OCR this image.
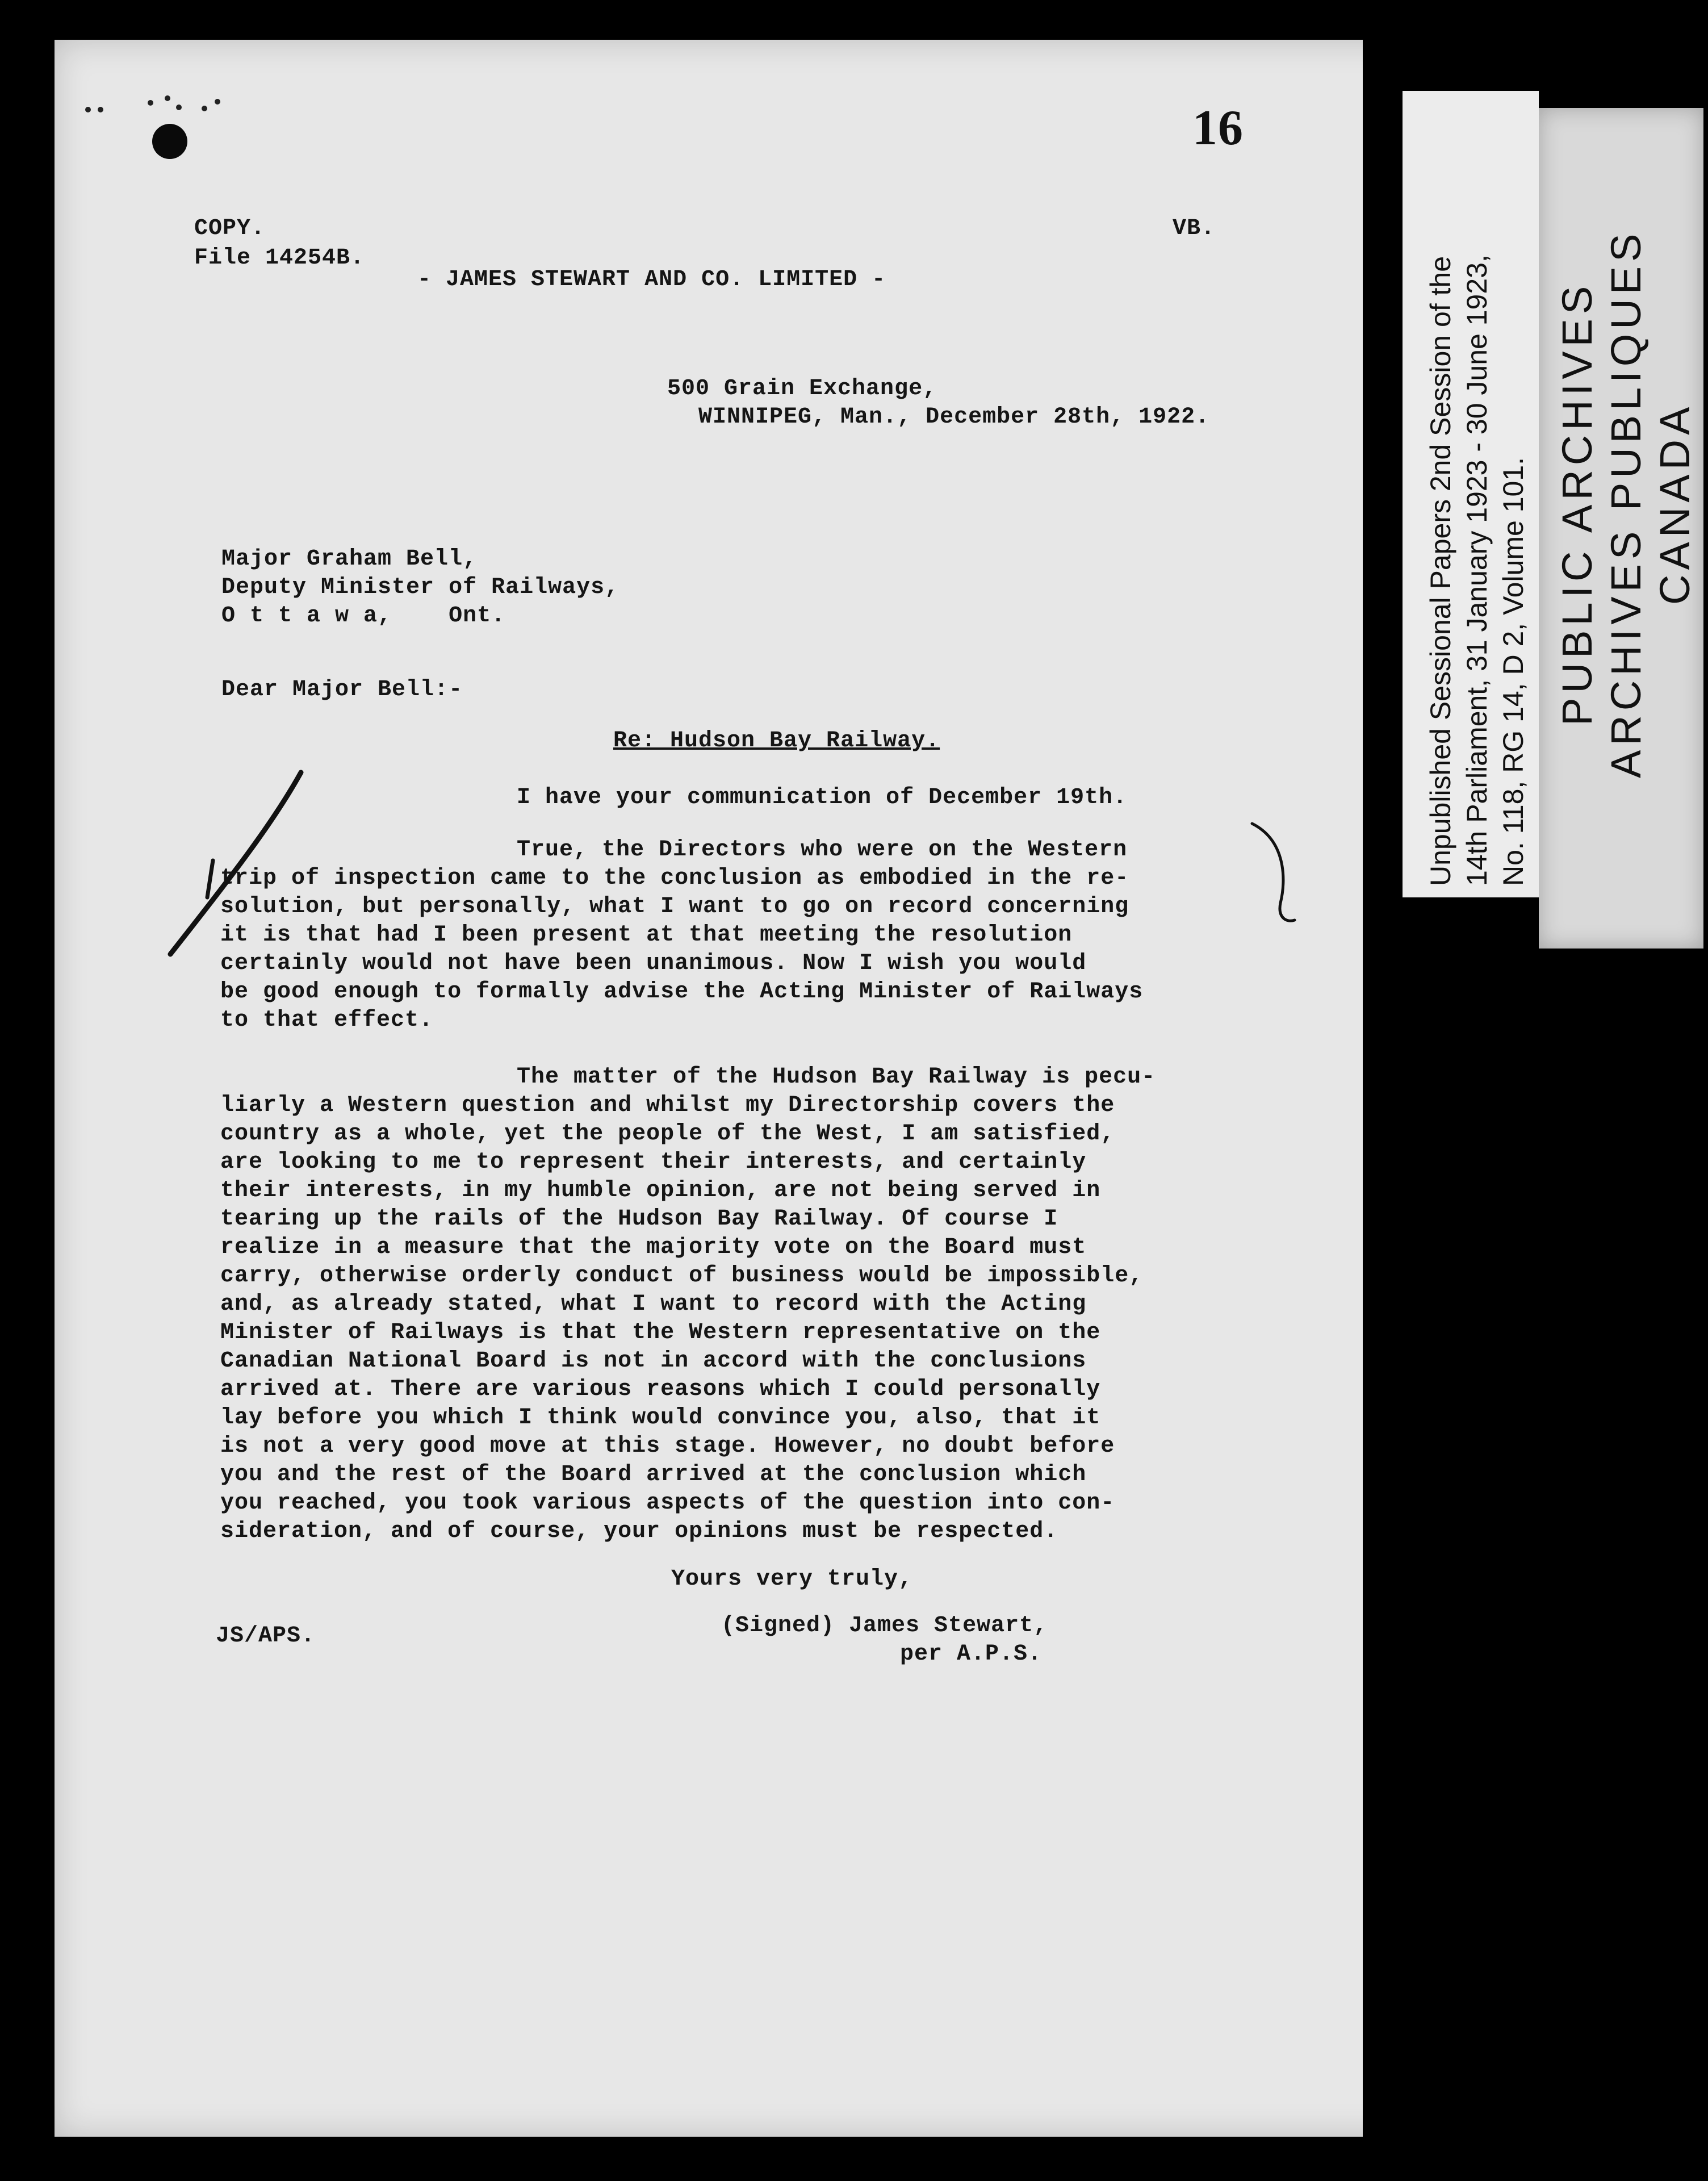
Unpublished Sessional Papers 2nd Session of the 14th Parliament, 31 January 1923 - 30 June 1923, No. 118, RG 14, D 2, Volume 101. PUBLIC ARCHIVES ARCHIVES PUBLIQUES CANADA
16
COPY.
File 14254B.
VB.
- JAMES STEWART AND CO. LIMITED -
500 Grain Exchange,
WINNIPEG, Man., December 28th, 1922.
Major Graham Bell,
Deputy Minister of Railways,
O t t a w a,    Ont.
Dear Major Bell:-
Re: Hudson Bay Railway.
I have your communication of December 19th.
True, the Directors who were on the Western
trip of inspection came to the conclusion as embodied in the re-
solution, but personally, what I want to go on record concerning
it is that had I been present at that meeting the resolution
certainly would not have been unanimous. Now I wish you would
be good enough to formally advise the Acting Minister of Railways
to that effect.
The matter of the Hudson Bay Railway is pecu-
liarly a Western question and whilst my Directorship covers the
country as a whole, yet the people of the West, I am satisfied,
are looking to me to represent their interests, and certainly
their interests, in my humble opinion, are not being served in
tearing up the rails of the Hudson Bay Railway. Of course I
realize in a measure that the majority vote on the Board must
carry, otherwise orderly conduct of business would be impossible,
and, as already stated, what I want to record with the Acting
Minister of Railways is that the Western representative on the
Canadian National Board is not in accord with the conclusions
arrived at. There are various reasons which I could personally
lay before you which I think would convince you, also, that it
is not a very good move at this stage. However, no doubt before
you and the rest of the Board arrived at the conclusion which
you reached, you took various aspects of the question into con-
sideration, and of course, your opinions must be respected.
Yours very truly,
JS/APS.	(Signed) James Stewart,
per A.P.S.
